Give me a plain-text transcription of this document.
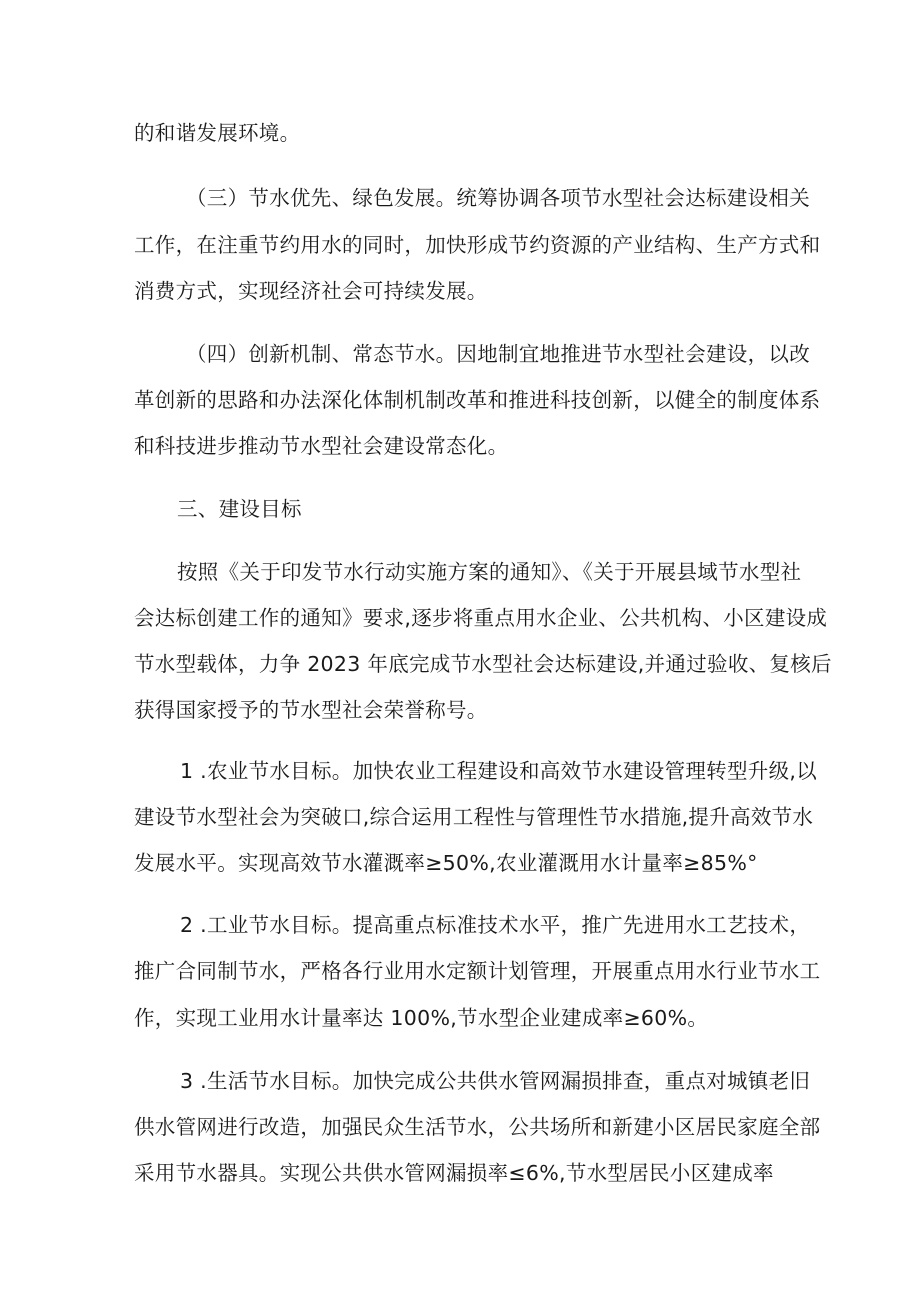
的和谐发展环境。
（三）节水优先、绿色发展。统筹协调各项节水型社会达标建设相关
工作，在注重节约用水的同时，加快形成节约资源的产业结构、生产方式和
消费方式，实现经济社会可持续发展。
（四）创新机制、常态节水。因地制宜地推进节水型社会建设，以改
革创新的思路和办法深化体制机制改革和推进科技创新，以健全的制度体系
和科技进步推动节水型社会建设常态化。
三、建设目标
按照《关于印发节水行动实施方案的通知》、《关于开展县域节水型社
会达标创建工作的通知》要求,逐步将重点用水企业、公共机构、小区建设成
节水型载体，力争 2023 年底完成节水型社会达标建设,并通过验收、复核后
获得国家授予的节水型社会荣誉称号。
1 .农业节水目标。加快农业工程建设和高效节水建设管理转型升级,以
建设节水型社会为突破口,综合运用工程性与管理性节水措施,提升高效节水
发展水平。实现高效节水灌溉率≥50%,农业灌溉用水计量率≥85%°
2 .工业节水目标。提高重点标准技术水平，推广先进用水工艺技术，
推广合同制节水，严格各行业用水定额计划管理，开展重点用水行业节水工
作，实现工业用水计量率达 100%,节水型企业建成率≥60%。
3 .生活节水目标。加快完成公共供水管网漏损排查，重点对城镇老旧
供水管网进行改造，加强民众生活节水，公共场所和新建小区居民家庭全部
采用节水器具。实现公共供水管网漏损率≤6%,节水型居民小区建成率
